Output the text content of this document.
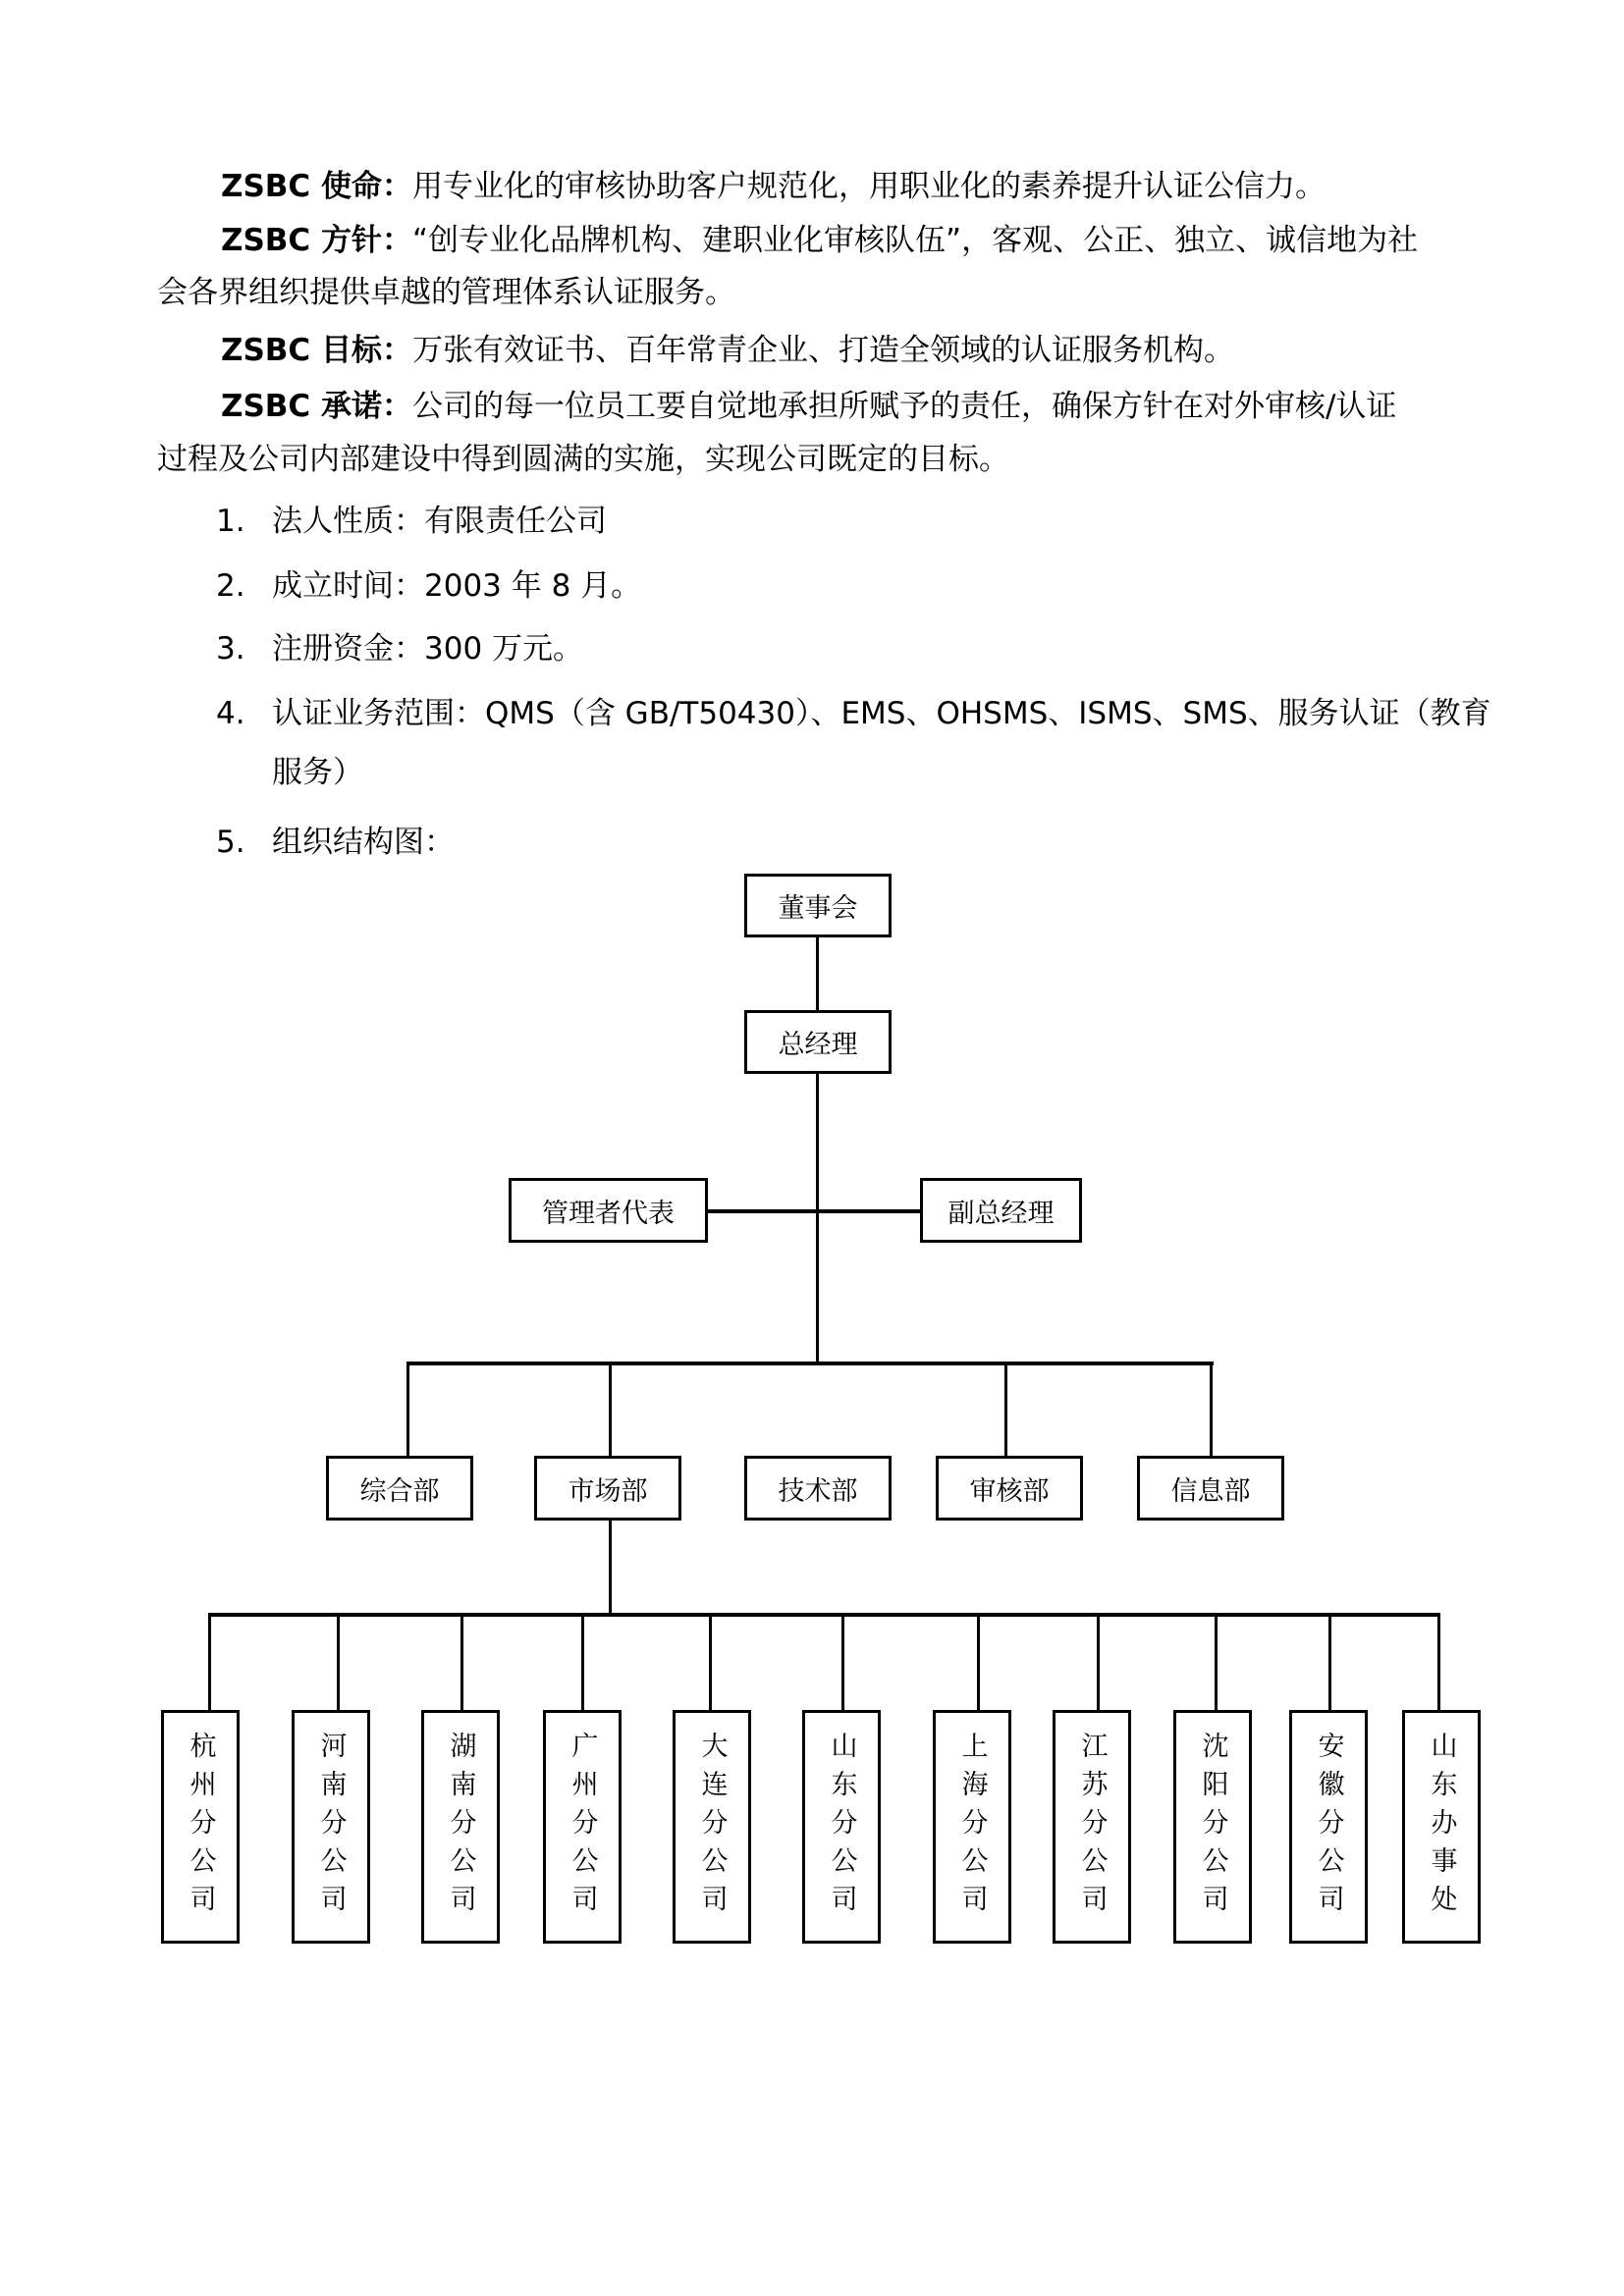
ZSBC 使命：用专业化的审核协助客户规范化，用职业化的素养提升认证公信力。
ZSBC 方针：“创专业化品牌机构、建职业化审核队伍”，客观、公正、独立、诚信地为社
会各界组织提供卓越的管理体系认证服务。
ZSBC 目标：万张有效证书、百年常青企业、打造全领域的认证服务机构。
ZSBC 承诺：公司的每一位员工要自觉地承担所赋予的责任，确保方针在对外审核/认证
过程及公司内部建设中得到圆满的实施，实现公司既定的目标。
1. 法人性质：有限责任公司
2. 成立时间：2003 年 8 月。
3. 注册资金：300 万元。
4. 认证业务范围：QMS（含 GB/T50430）、EMS、OHSMS、ISMS、SMS、服务认证（教育
服务）
5. 组织结构图：
董事会
总经理
管理者代表	副总经理
综合部	市场部	技术部	审核部	信息部
杭州分公司	河南分公司	湖南分公司	广州分公司	大连分公司	山东分公司	上海分公司	江苏分公司	沈阳分公司	安徽分公司	山东办事处
